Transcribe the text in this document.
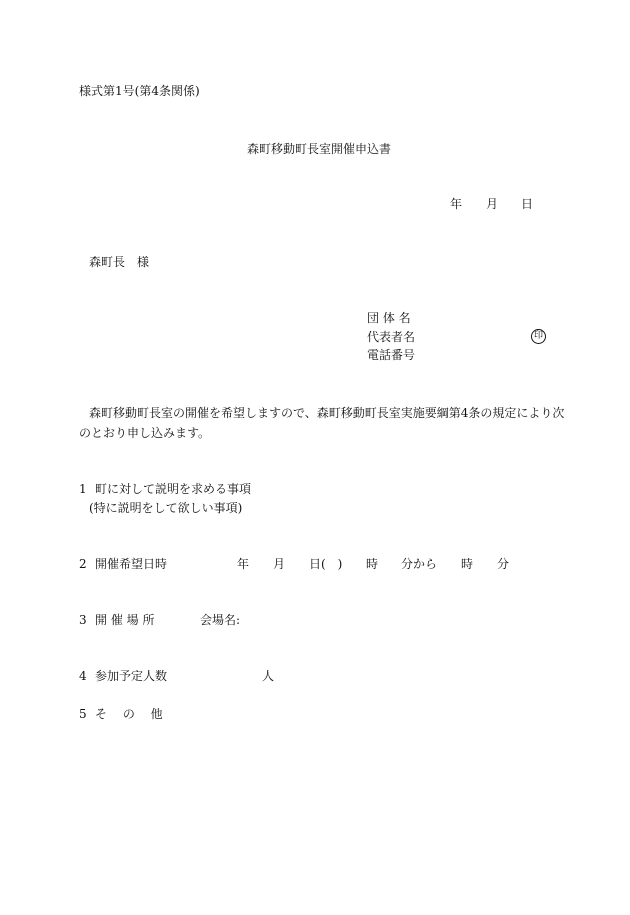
様式第1号(第4条関係)
森町移動町長室開催申込書
年 月 日
森町長　様
団 体 名
代表者名	印
電話番号
森町移動町長室の開催を希望しますので、森町移動町長室実施要綱第4条の規定により次
のとおり申し込みます。
1 町に対して説明を求める事項
(特に説明をして欲しい事項)
2 開催希望日時	年 月 日(　) 時 分から 時 分
3 開 催 場 所	会場名:
4 参加予定人数	人
5 そ　 の　 他
